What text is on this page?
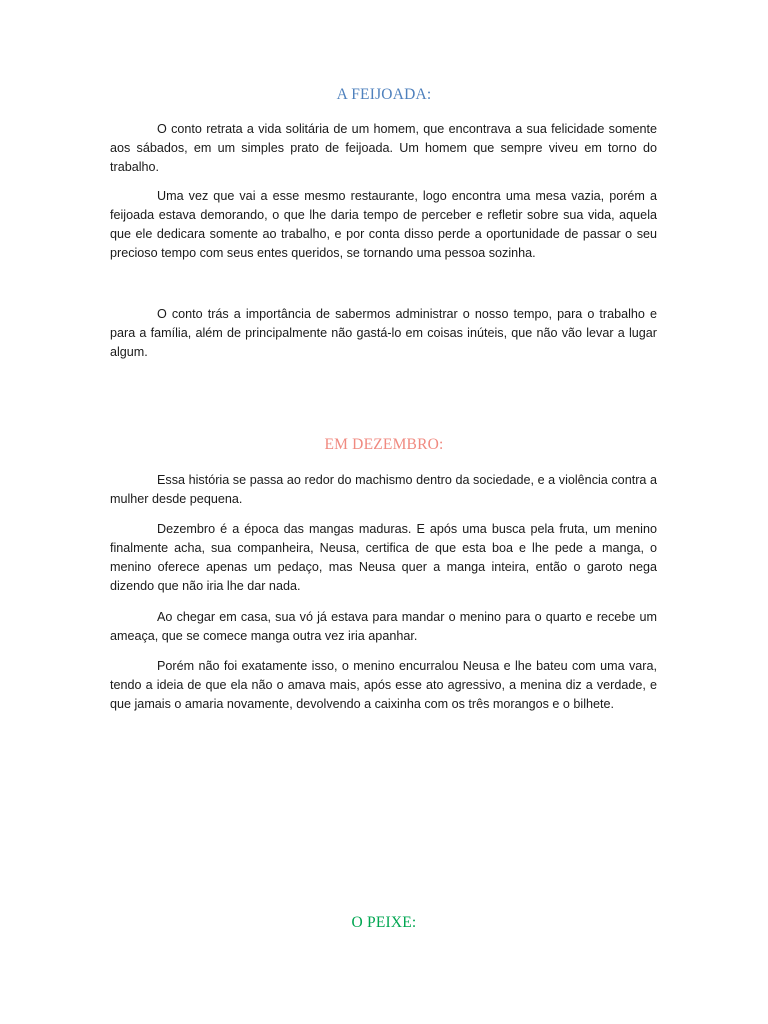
A FEIJOADA:

O conto retrata a vida solitária de um homem, que encontrava a sua felicidade somente aos sábados, em um simples prato de feijoada. Um homem que sempre viveu em torno do trabalho.

Uma vez que vai a esse mesmo restaurante, logo encontra uma mesa vazia, porém a feijoada estava demorando, o que lhe daria tempo de perceber e refletir sobre sua vida, aquela que ele dedicara somente ao trabalho, e por conta disso perde a oportunidade de passar o seu precioso tempo com seus entes queridos, se tornando uma pessoa sozinha.

O conto trás a importância de sabermos administrar o nosso tempo, para o trabalho e para a família, além de principalmente não gastá-lo em coisas inúteis, que não vão levar a lugar algum.

EM DEZEMBRO:

Essa história se passa ao redor do machismo dentro da sociedade, e a violência contra a mulher desde pequena.

Dezembro é a época das mangas maduras. E após uma busca pela fruta, um menino finalmente acha, sua companheira, Neusa, certifica de que esta boa e lhe pede a manga, o menino oferece apenas um pedaço, mas Neusa quer a manga inteira, então o garoto nega dizendo que não iria lhe dar nada.

Ao chegar em casa, sua vó já estava para mandar o menino para o quarto e recebe um ameaça, que se comece manga outra vez iria apanhar.

Porém não foi exatamente isso, o menino encurralou Neusa e lhe bateu com uma vara, tendo a ideia de que ela não o amava mais, após esse ato agressivo, a menina diz a verdade, e que jamais o amaria novamente, devolvendo a caixinha com os três morangos e o bilhete.

O PEIXE:
